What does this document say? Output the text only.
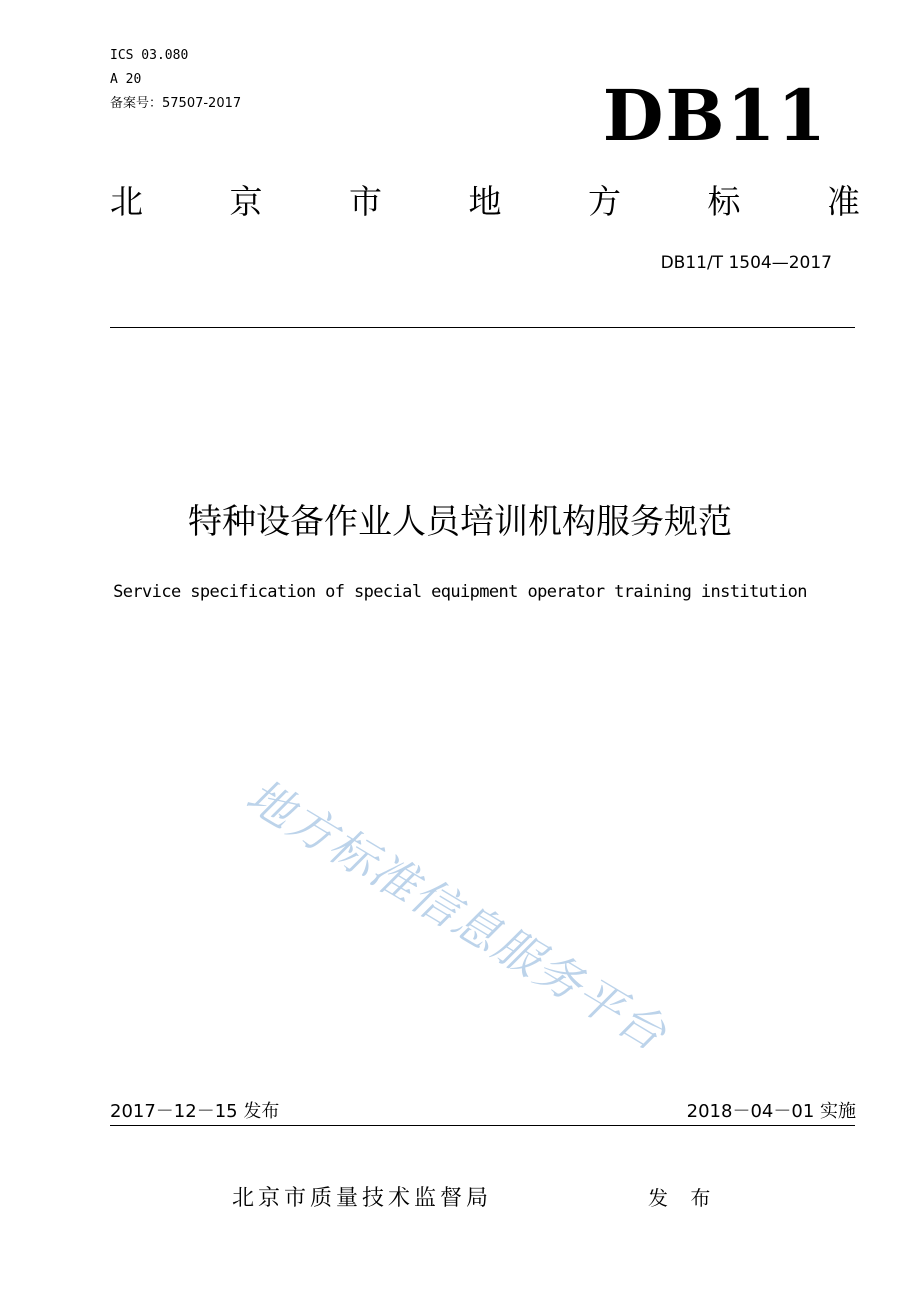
ICS 03.080
A 20
备案号：57507-2017	DB11
北	京	市	地	方	标	准
DB11/T 1504—2017
特种设备作业人员培训机构服务规范
Service specification of special equipment operator training institution
地方标准信息服务平台
2017－12－15 发布	2018－04－01 实施
北京市质量技术监督局	发 布
